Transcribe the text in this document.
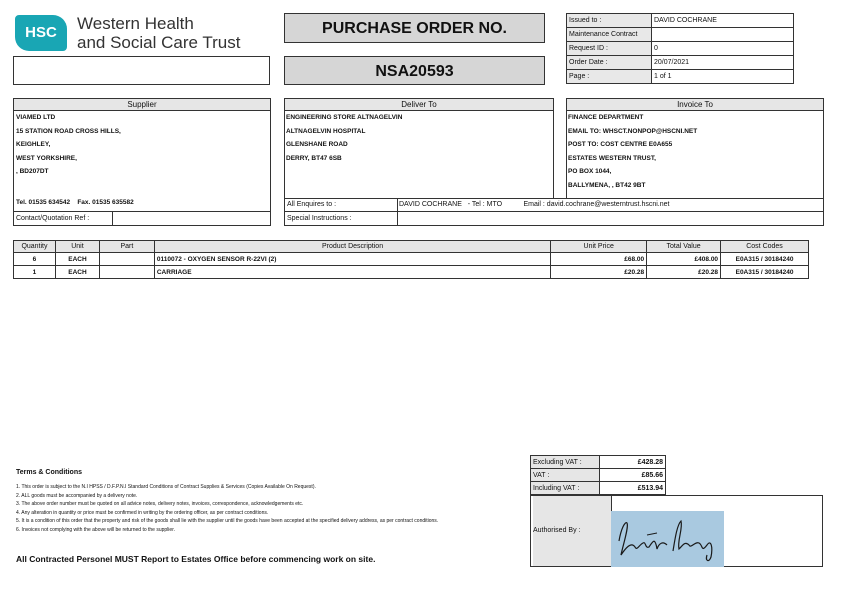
HSC	Western Health
and Social Care Trust
PURCHASE ORDER NO.
NSA20593
Issued to :	DAVID COCHRANE
Maintenance Contract	
Request ID :	0
Order Date :	20/07/2021
Page :	1 of 1
Supplier
VIAMED LTD
15 STATION ROAD CROSS HILLS,
KEIGHLEY,
WEST YORKSHIRE,
, BD207DT
Tel. 01535 634542    Fax. 01535 635582
Contact/Quotation Ref :
Deliver To
ENGINEERING STORE ALTNAGELVIN
ALTNAGELVIN HOSPITAL
GLENSHANE ROAD
DERRY, BT47 6SB
Invoice To
FINANCE DEPARTMENT
EMAIL TO: WHSCT.NONPOP@HSCNI.NET
POST TO: COST CENTRE E0A655
ESTATES WESTERN TRUST,
PO BOX 1044,
BALLYMENA, , BT42 9BT
All Enquires to :	DAVID COCHRANE   - Tel : MTO           Email : david.cochrane@westerntrust.hscni.net
Special Instructions :
Quantity	Unit	Part	Product Description	Unit Price	Total Value	Cost Codes
6	EACH		0110072 - OXYGEN SENSOR R-22VI (2)	£68.00	£408.00	E0A315 / 30184240
1	EACH		CARRIAGE	£20.28	£20.28	E0A315 / 30184240
Excluding VAT :	£428.28
VAT :	£85.66
Including VAT :	£513.94
Authorised By :
Terms & Conditions
1. This order is subject to the N.I HPSS / D.F.P.N.I Standard Conditions of Contract Supplies & Services (Copies Available On Request).
2. ALL goods must be accompanied by a delivery note.
3. The above order number must be quoted on all advice notes, delivery notes, invoices, correspondence, acknowledgements etc.
4. Any alteration in quantity or price must be confirmed in writing by the ordering officer, as per contract conditions.
5. It is a condition of this order that the property and risk of the goods shall lie with the supplier until the goods have been accepted at the specified delivery address, as per contract conditions.
6. Invoices not complying with the above will be returned to the supplier.
All Contracted Personel MUST Report to Estates Office before commencing work on site.
